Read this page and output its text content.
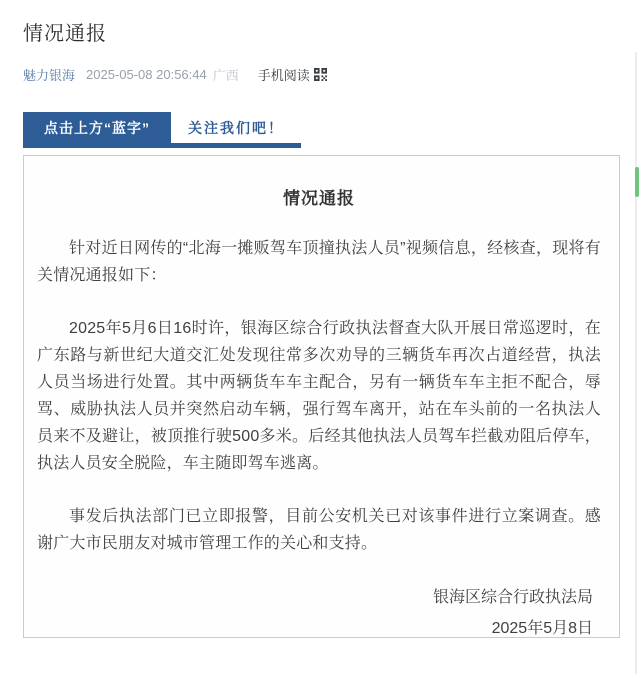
情况通报
魅力银海 2025-05-08 20:56:44 广西 手机阅读
点击上方“蓝字”	关注我们吧！
情况通报

针对近日网传的“北海一摊贩驾车顶撞执法人员”视频信息，经核查，现将有关情况通报如下：

2025年5月6日16时许，银海区综合行政执法督查大队开展日常巡逻时，在广东路与新世纪大道交汇处发现往常多次劝导的三辆货车再次占道经营，执法人员当场进行处置。其中两辆货车车主配合，另有一辆货车车主拒不配合，辱骂、威胁执法人员并突然启动车辆，强行驾车离开，站在车头前的一名执法人员来不及避让，被顶推行驶500多米。后经其他执法人员驾车拦截劝阻后停车，执法人员安全脱险，车主随即驾车逃离。

事发后执法部门已立即报警，目前公安机关已对该事件进行立案调查。感谢广大市民朋友对城市管理工作的关心和支持。

银海区综合行政执法局
2025年5月8日
